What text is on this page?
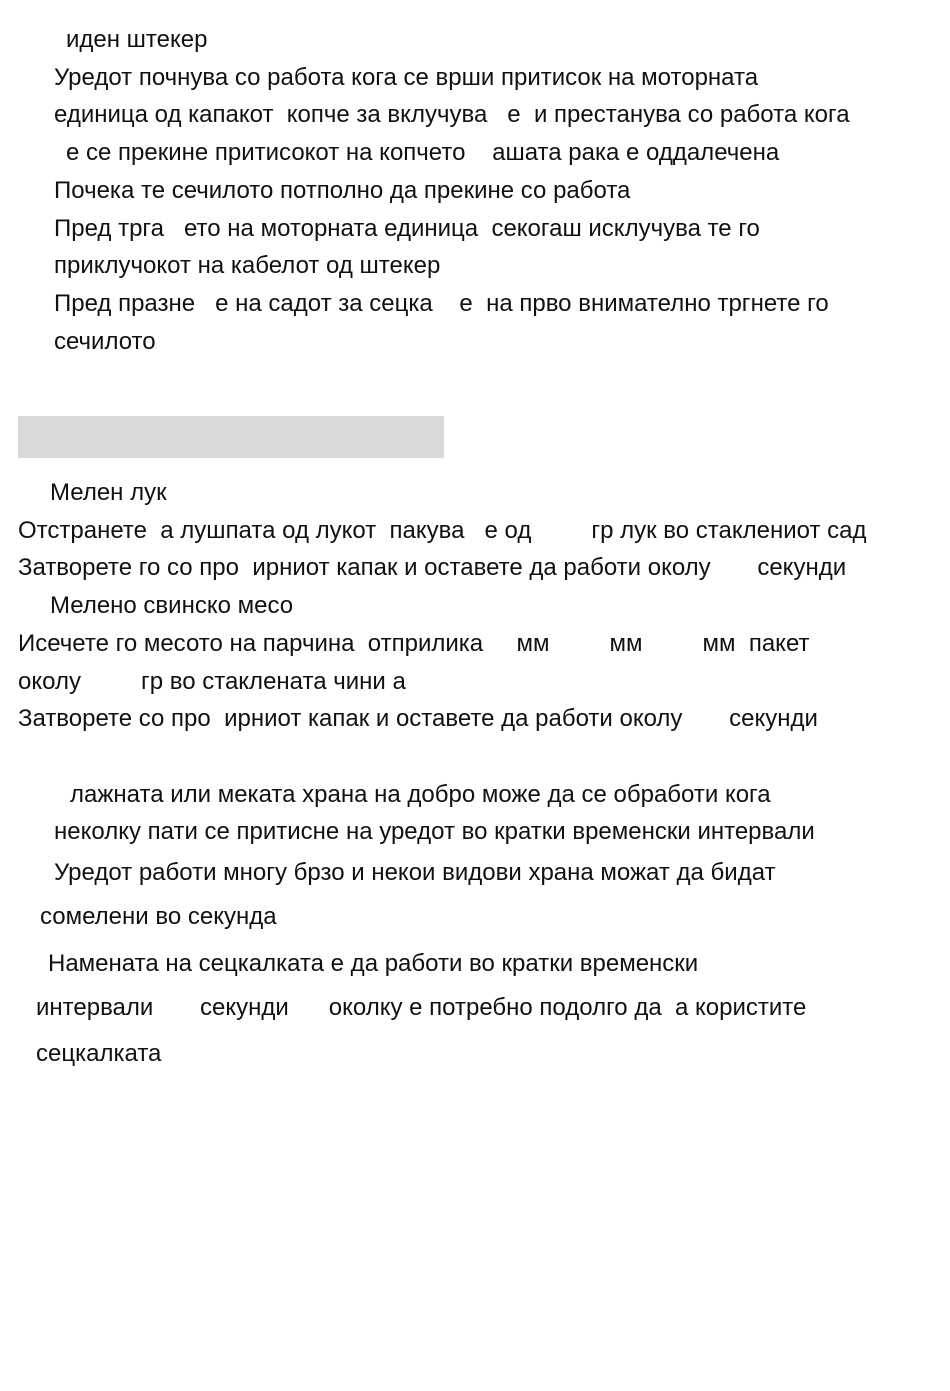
иден штекер
Уредот почнува со работа кога се врши притисок на моторната
единица од капакот  копче за вклучува   е  и престанува со работа кога
е се прекине притисокот на копчето    ашата рака е оддалечена
Почека те сечилото потполно да прекине со работа
Пред трга   ето на моторната единица  секогаш исклучува те го
приклучокот на кабелот од штекер
Пред празне   е на садот за сецка    е  на прво внимателно тргнете го
сечилото
Мелен лук
Отстранете  а лушпата од лукот  пакува   е од         гр лук во стаклениот сад
Затворете го со про  ирниот капак и оставете да работи околу       секунди
Мелено свинско месо
Исечете го месото на парчина  отприлика     мм         мм         мм  пакет
околу         гр во стаклената чини а
Затворете со про  ирниот капак и оставете да работи околу       секунди
лажната или меката храна на добро може да се обработи кога
неколку пати се притисне на уредот во кратки временски интервали
Уредот работи многу брзо и некои видови храна можат да бидат
сомелени во секунда
Намената на сецкалката е да работи во кратки временски
интервали       секунди      околку е потребно подолго да  а користите
сецкалката
